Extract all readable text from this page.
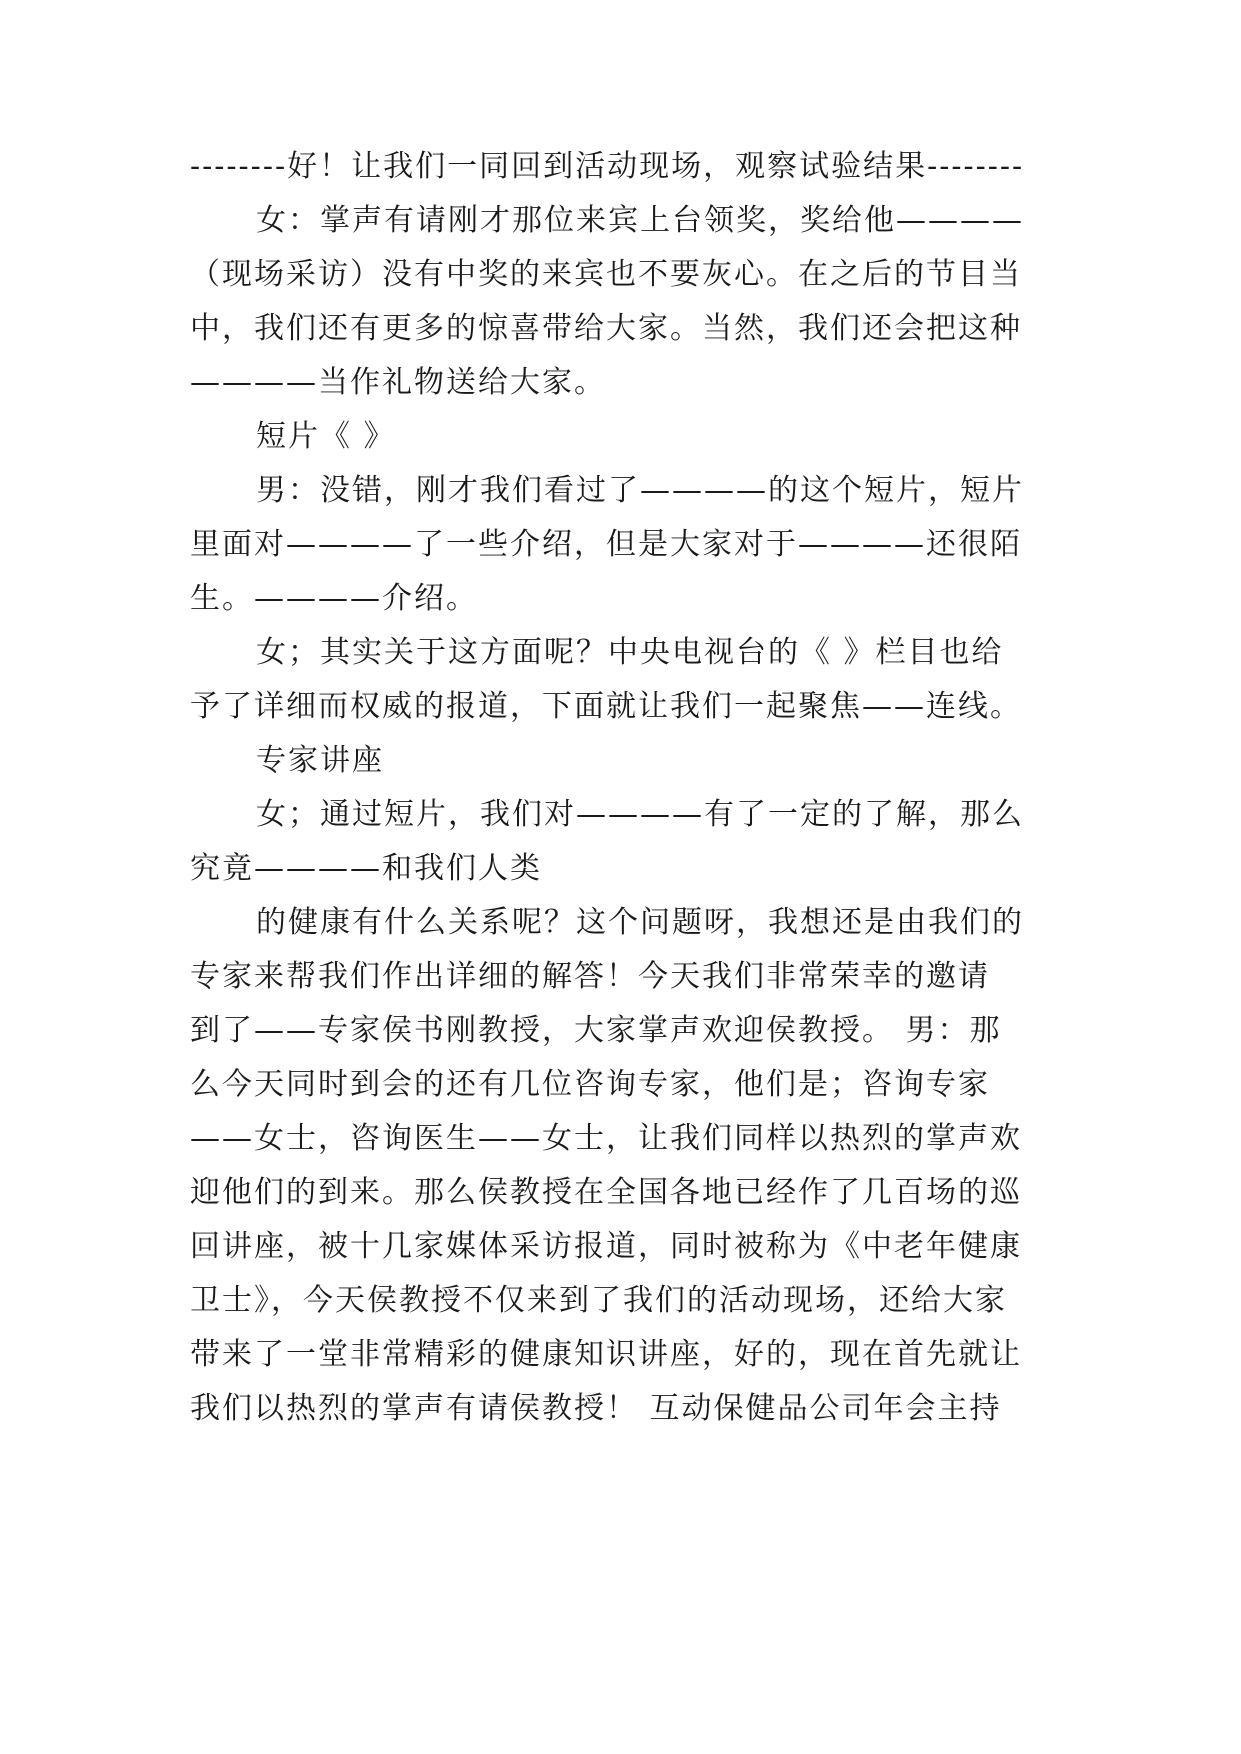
--------好！让我们一同回到活动现场，观察试验结果--------
女：掌声有请刚才那位来宾上台领奖，奖给他————
（现场采访）没有中奖的来宾也不要灰心。在之后的节目当
中，我们还有更多的惊喜带给大家。当然，我们还会把这种
————当作礼物送给大家。
短片《 》
男：没错，刚才我们看过了————的这个短片，短片
里面对————了一些介绍，但是大家对于————还很陌
生。————介绍。
女；其实关于这方面呢？中央电视台的《 》栏目也给
予了详细而权威的报道，下面就让我们一起聚焦——连线。
专家讲座
女；通过短片，我们对————有了一定的了解，那么
究竟————和我们人类
的健康有什么关系呢？这个问题呀，我想还是由我们的
专家来帮我们作出详细的解答！今天我们非常荣幸的邀请
到了——专家侯书刚教授，大家掌声欢迎侯教授。 男：那
么今天同时到会的还有几位咨询专家，他们是；咨询专家
——女士，咨询医生——女士，让我们同样以热烈的掌声欢
迎他们的到来。那么侯教授在全国各地已经作了几百场的巡
回讲座，被十几家媒体采访报道，同时被称为《中老年健康
卫士》，今天侯教授不仅来到了我们的活动现场，还给大家
带来了一堂非常精彩的健康知识讲座，好的，现在首先就让
我们以热烈的掌声有请侯教授！ 互动保健品公司年会主持
